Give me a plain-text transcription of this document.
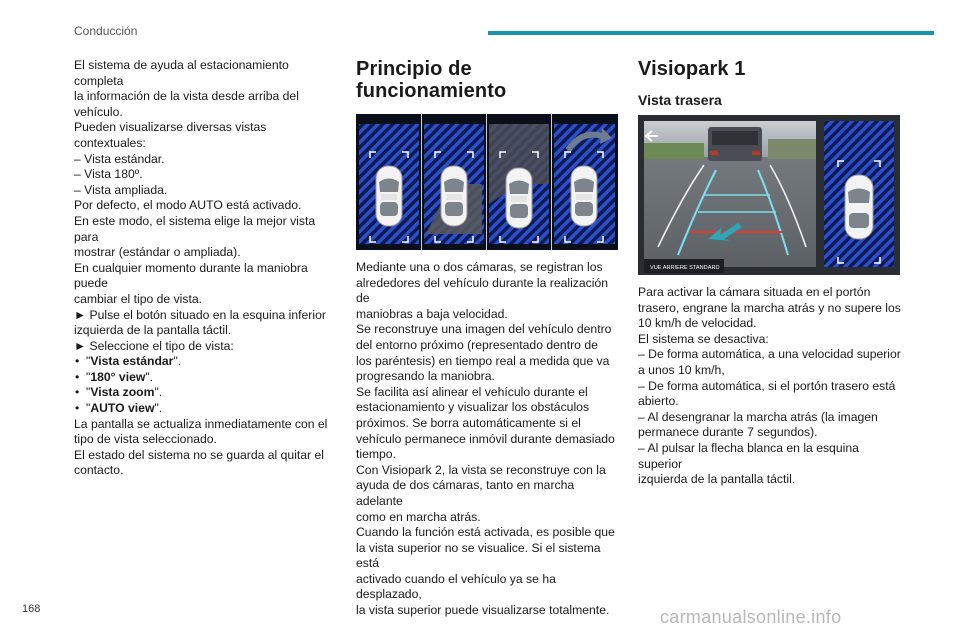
Conducción

El sistema de ayuda al estacionamiento completa

la información de la vista desde arriba del

vehículo.

Pueden visualizarse diversas vistas contextuales:

– Vista estándar.

– Vista 180º.

– Vista ampliada.

Por defecto, el modo AUTO está activado.

En este modo, el sistema elige la mejor vista para

mostrar (estándar o ampliada).

En cualquier momento durante la maniobra puede

cambiar el tipo de vista.

► Pulse el botón situado en la esquina inferior

izquierda de la pantalla táctil.

► Seleccione el tipo de vista:

• "Vista estándar".
• "180° view".
• "Vista zoom".
• "AUTO view".

La pantalla se actualiza inmediatamente con el

tipo de vista seleccionado.

El estado del sistema no se guarda al quitar el

contacto.

Principio de funcionamiento

Mediante una o dos cámaras, se registran los

alrededores del vehículo durante la realización de

maniobras a baja velocidad.

Se reconstruye una imagen del vehículo dentro

del entorno próximo (representado dentro de

los paréntesis) en tiempo real a medida que va

progresando la maniobra.

Se facilita así alinear el vehículo durante el

estacionamiento y visualizar los obstáculos

próximos. Se borra automáticamente si el

vehículo permanece inmóvil durante demasiado

tiempo.

Con Visiopark 2, la vista se reconstruye con la

ayuda de dos cámaras, tanto en marcha adelante

como en marcha atrás.

Cuando la función está activada, es posible que

la vista superior no se visualice. Si el sistema está

activado cuando el vehículo ya se ha desplazado,

la vista superior puede visualizarse totalmente.

Visiopark 1
Vista trasera
VUE ARRIERE STANDARD

Para activar la cámara situada en el portón

trasero, engrane la marcha atrás y no supere los

10 km/h de velocidad.

El sistema se desactiva:

– De forma automática, a una velocidad superior

a unos 10 km/h,

– De forma automática, si el portón trasero está

abierto.

– Al desengranar la marcha atrás (la imagen

permanece durante 7 segundos).

– Al pulsar la flecha blanca en la esquina superior

izquierda de la pantalla táctil.

168	carmanualsonline.info
